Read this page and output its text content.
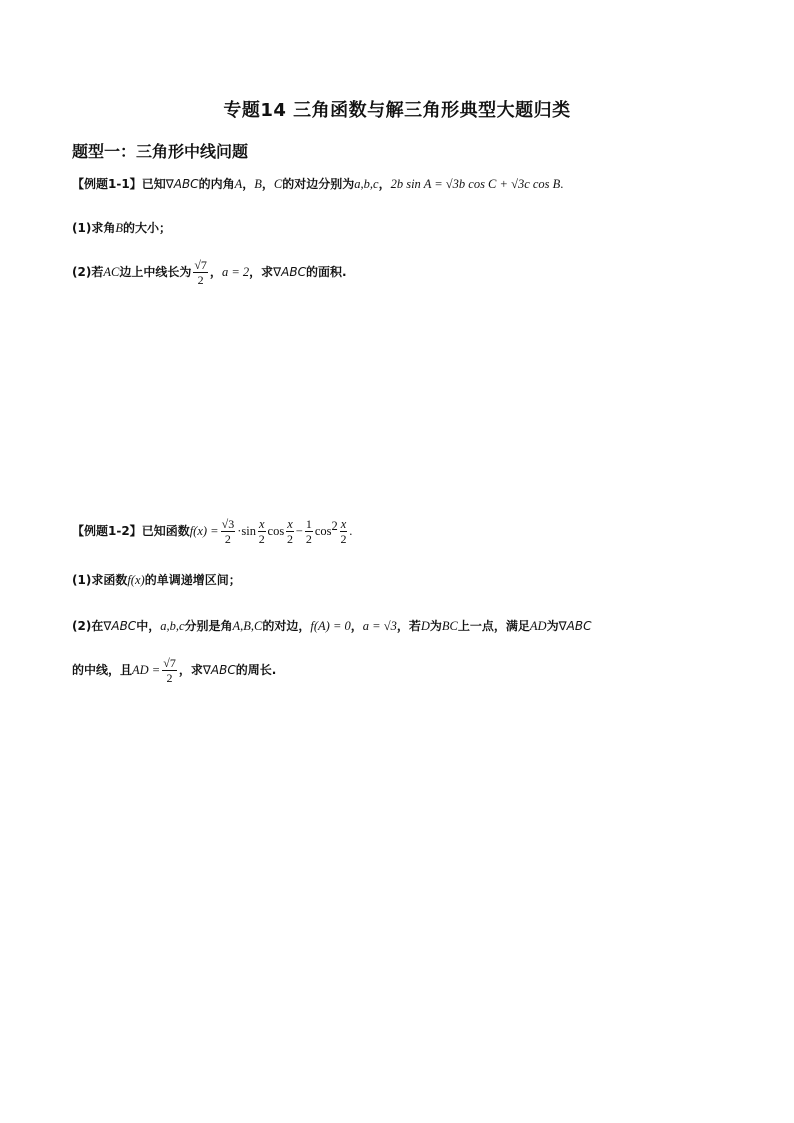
专题14 三角函数与解三角形典型大题归类
题型一：三角形中线问题
【例题1-1】已知∇ABC的内角A，B，C的对边分别为a,b,c，2b sin A = √3b cos C + √3c cos B.
(1)求角B的大小；
(2)若AC边上中线长为 $\frac{√7}{2}$ ，a = 2，求∇ABC的面积.
【例题1-2】已知函数$f(x) = \frac{√3}{2} \cdot\sin \frac{x}{2}$ $\cos \frac{x}{2} - \frac{1}{2} \cos^2 \frac{x}{2}$ .
(1)求函数f(x)的单调递增区间；
(2)在∇ABC中，a,b,c分别是角A,B,C的对边，f(A) = 0，a = √3，若D为BC上一点，满足AD为∇ABC
的中线，且AD = $\frac{√7}{2}$ ，求∇ABC的周长.
